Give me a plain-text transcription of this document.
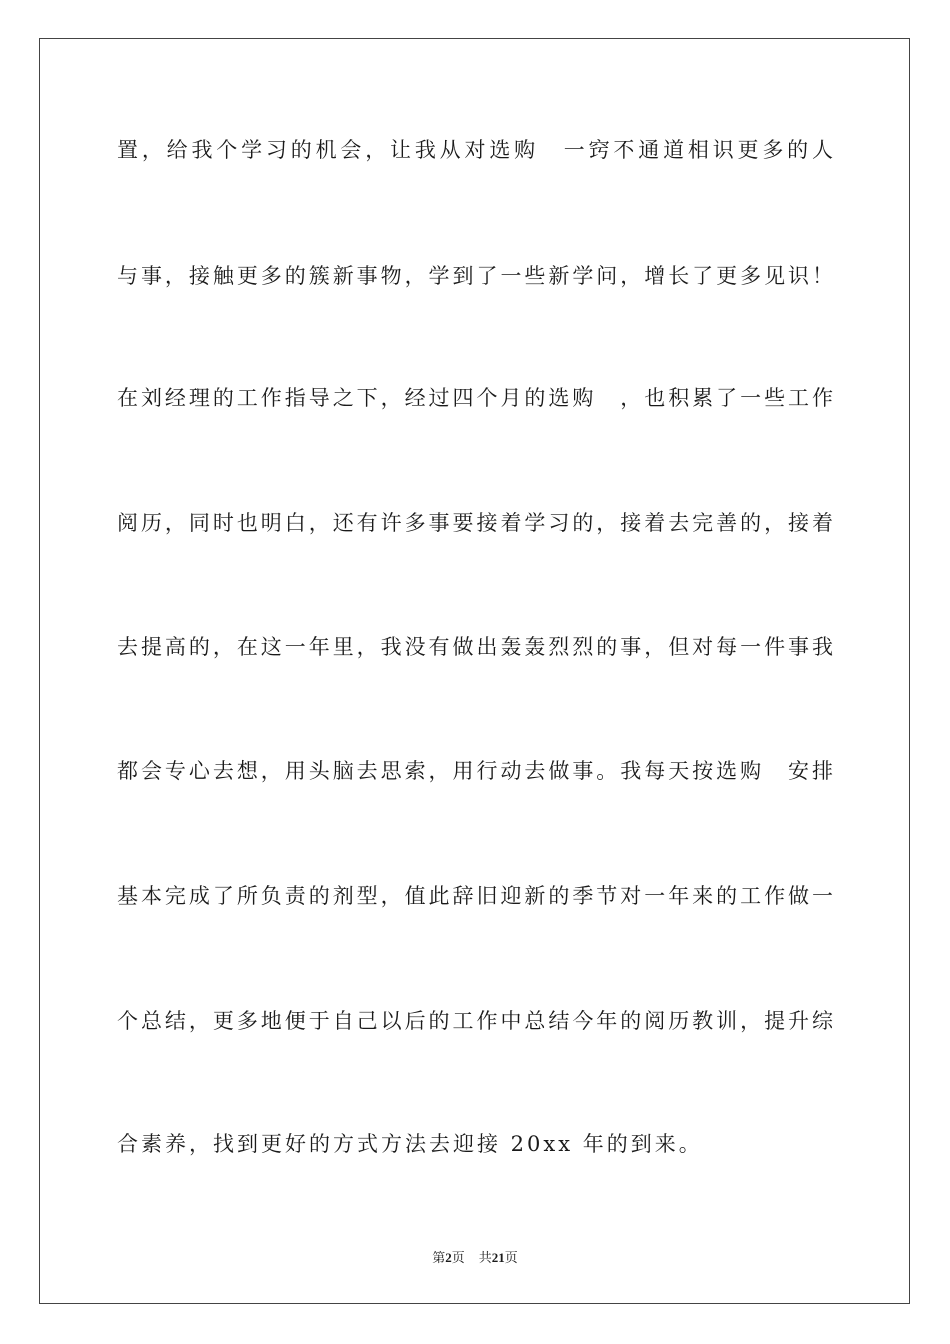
置，给我个学习的机会，让我从对选购　一窍不通道相识更多的人
与事，接触更多的簇新事物，学到了一些新学问，增长了更多见识！
在刘经理的工作指导之下，经过四个月的选购　，也积累了一些工作
阅历，同时也明白，还有许多事要接着学习的，接着去完善的，接着
去提高的，在这一年里，我没有做出轰轰烈烈的事，但对每一件事我
都会专心去想，用头脑去思索，用行动去做事。我每天按选购　安排
基本完成了所负责的剂型，值此辞旧迎新的季节对一年来的工作做一
个总结，更多地便于自己以后的工作中总结今年的阅历教训，提升综
合素养，找到更好的方式方法去迎接 20xx 年的到来。
第2页 共21页
